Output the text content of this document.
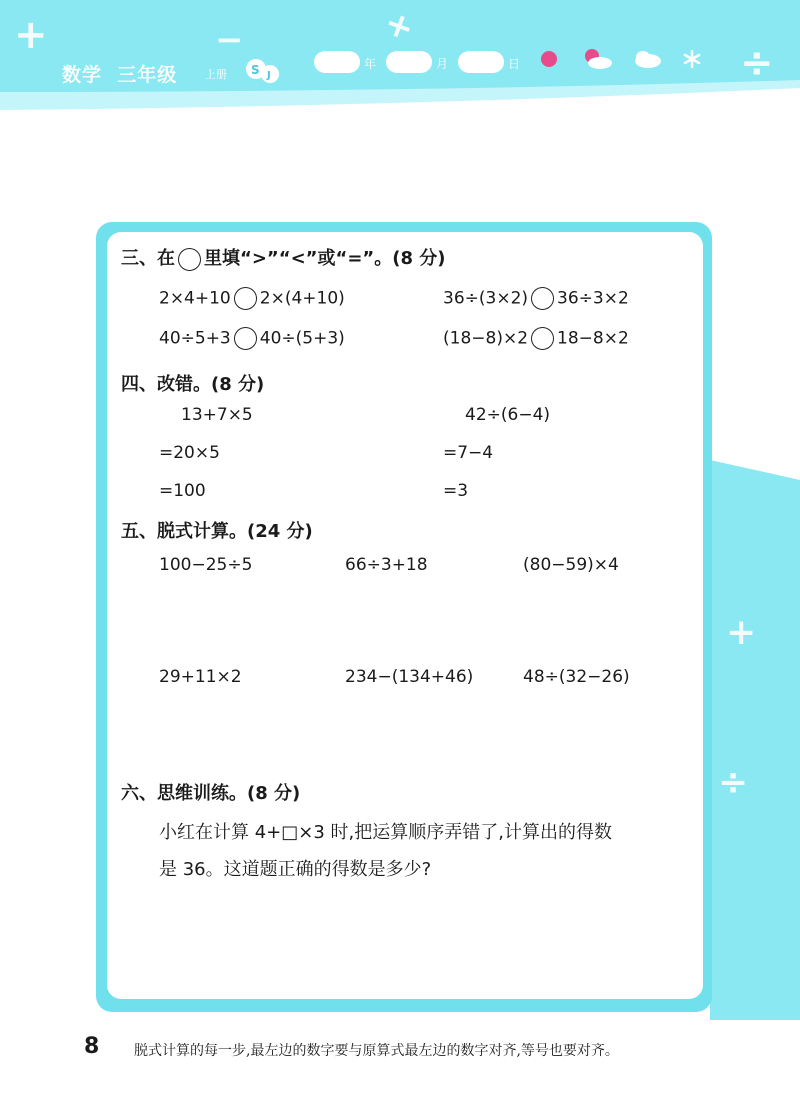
+	−	+
÷
数学 三年级	上册 S J
年	月	日
+
÷
三、在 里填“>”“<”或“=”。(8 分)
2×4+10 2×(4+10)	36÷(3×2) 36÷3×2
40÷5+3 40÷(5+3)	(18−8)×2 18−8×2
四、改错。(8 分)
13+7×5
=20×5
=100
42÷(6−4)
=7−4
=3
五、脱式计算。(24 分)
100−25÷5	66÷3+18	(80−59)×4
29+11×2	234−(134+46)	48÷(32−26)
六、思维训练。(8 分)
小红在计算 4+□×3 时,把运算顺序弄错了,计算出的得数
是 36。这道题正确的得数是多少?
8 脱式计算的每一步,最左边的数字要与原算式最左边的数字对齐,等号也要对齐。
